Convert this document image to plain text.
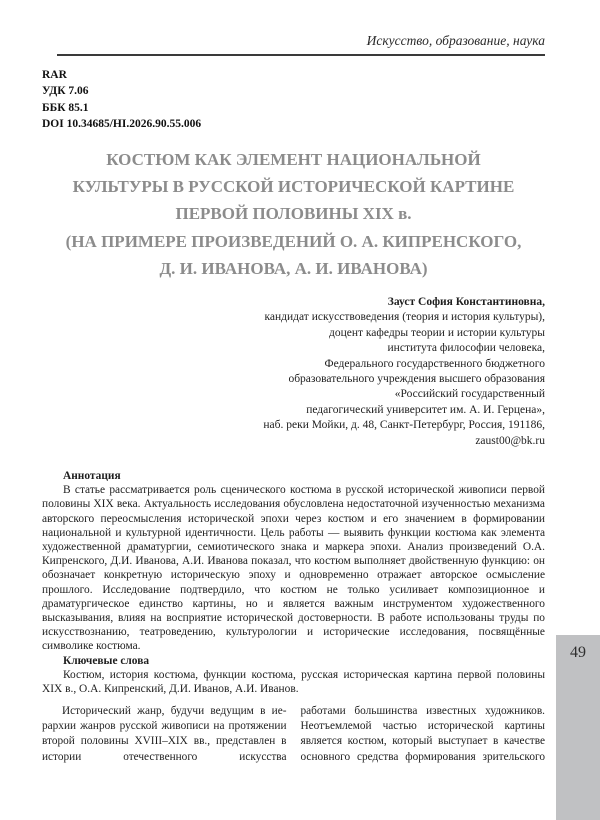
Искусство, образование, наука
RAR
УДК 7.06
ББК 85.1
DOI 10.34685/HI.2026.90.55.006
КОСТЮМ КАК ЭЛЕМЕНТ НАЦИОНАЛЬНОЙ
КУЛЬТУРЫ В РУССКОЙ ИСТОРИЧЕСКОЙ КАРТИНЕ
ПЕРВОЙ ПОЛОВИНЫ XIX в.
(НА ПРИМЕРЕ ПРОИЗВЕДЕНИЙ О. А. КИПРЕНСКОГО,
Д. И. ИВАНОВА, А. И. ИВАНОВА)
Зауст София Константиновна,
кандидат искусствоведения (теория и история культуры),
доцент кафедры теории и истории культуры
института философии человека,
Федерального государственного бюджетного
образовательного учреждения высшего образования
«Российский государственный
педагогический университет им. А. И. Герцена»,
наб. реки Мойки, д. 48, Санкт-Петербург, Россия, 191186,
zaust00@bk.ru
Аннотация

В статье рассматривается роль сценического костюма в русской исторической живописи первой половины XIX века. Актуальность исследования обусловлена недостаточной изученностью механизма авторского переосмысления исторической эпохи через костюм и его значением в формировании национальной и культурной идентичности. Цель работы — выявить функции костюма как элемента художественной драматургии, семиотического знака и маркера эпохи. Анализ произведений О.А. Кипренского, Д.И. Иванова, А.И. Иванова показал, что костюм выполняет двойственную функцию: он обозначает конкретную историческую эпоху и одновременно отражает авторское осмысление прошлого. Исследование подтвердило, что костюм не только усиливает композиционное и драматургическое единство картины, но и является важным инструментом художественного высказывания, влияя на восприятие исторической достоверности. В работе использованы труды по искусствознанию, театроведению, культурологии и исторические исследования, посвящённые символике костюма.

Ключевые слова

Костюм, история костюма, функции костюма, русская историческая картина первой половины XIX в., О.А. Кипренский, Д.И. Иванов, А.И. Иванов.

Исторический жанр, будучи ведущим в иерархии жанров русской живописи на протяжении второй половины XVIII–XIX вв., представлен в истории отечественного искусства

работами большинства известных художников. Неотъемлемой частью исторической картины является костюм, который выступает в качестве основного средства формирования зрительского

49
